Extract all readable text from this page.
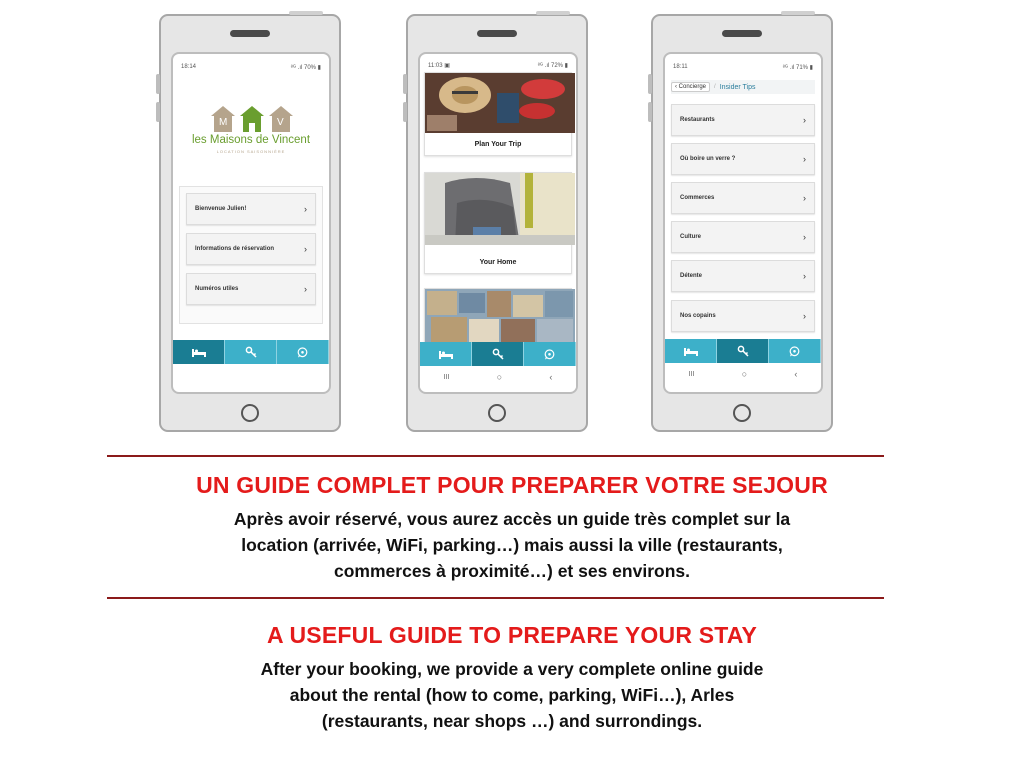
18:14	⁸ᴳ .ıl 70% ▮
M	V
les Maisons de Vincent
LOCATION SAISONNIÈRE
Bienvenue Julien!	›
Informations de réservation	›
Numéros utiles	›
11:03 ▣	⁸ᴳ .ıl 72% ▮
Plan Your Trip
Your Home
III	○	‹
18:11	⁸ᴳ .ıl 71% ▮
‹ Concierge	/ Insider Tips
Restaurants	›
Où boire un verre ?	›
Commerces	›
Culture	›
Détente	›
Nos copains	›
III	○	‹
UN GUIDE COMPLET POUR PREPARER VOTRE SEJOUR
Après avoir réservé, vous aurez accès un guide très complet sur la
location (arrivée, WiFi, parking…) mais aussi la ville (restaurants,
commerces à proximité…) et ses environs.
A USEFUL GUIDE TO PREPARE YOUR STAY
After your booking, we provide a very complete online guide
about the rental (how to come, parking, WiFi…), Arles
(restaurants, near shops …) and surrondings.
